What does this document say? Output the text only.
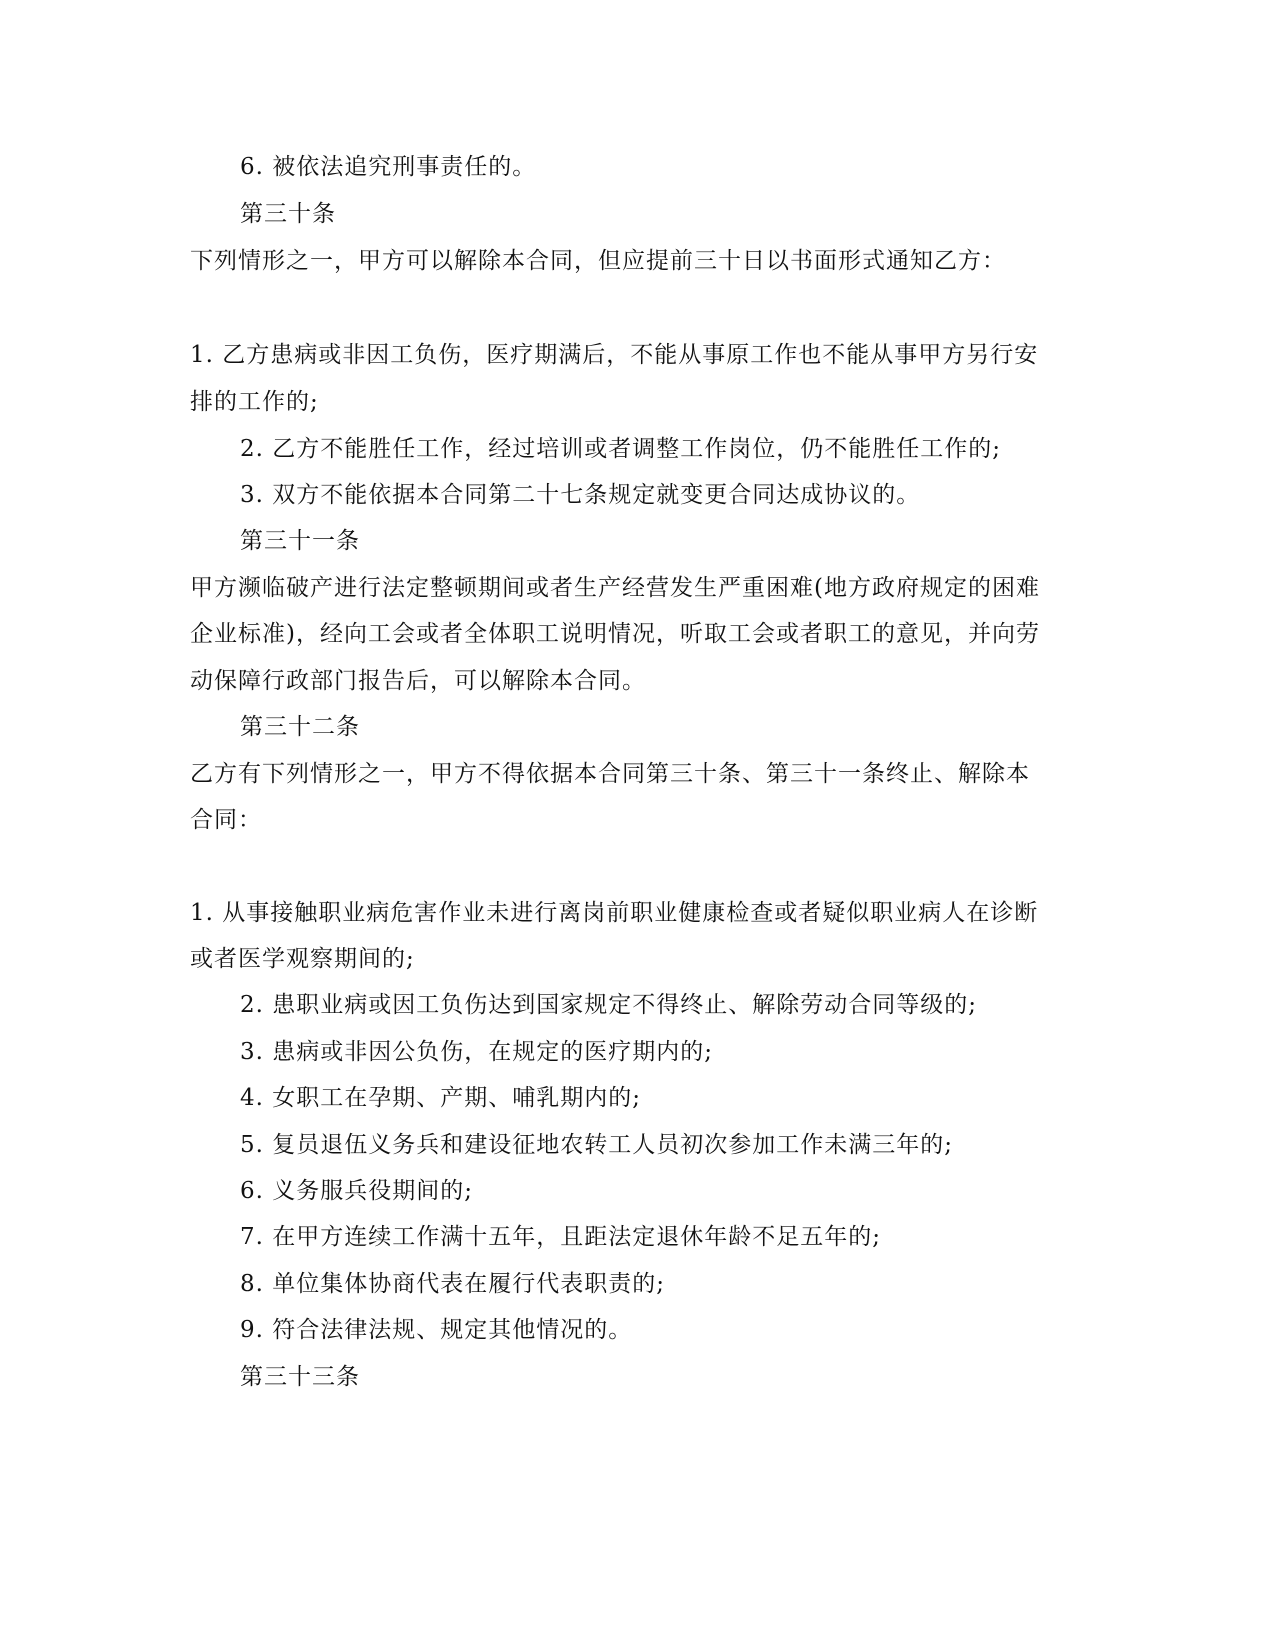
6. 被依法追究刑事责任的。
第三十条
下列情形之一，甲方可以解除本合同，但应提前三十日以书面形式通知乙方：
1. 乙方患病或非因工负伤，医疗期满后，不能从事原工作也不能从事甲方另行安
排的工作的;
2. 乙方不能胜任工作，经过培训或者调整工作岗位，仍不能胜任工作的;
3. 双方不能依据本合同第二十七条规定就变更合同达成协议的。
第三十一条
甲方濒临破产进行法定整顿期间或者生产经营发生严重困难(地方政府规定的困难
企业标准)，经向工会或者全体职工说明情况，听取工会或者职工的意见，并向劳
动保障行政部门报告后，可以解除本合同。
第三十二条
乙方有下列情形之一，甲方不得依据本合同第三十条、第三十一条终止、解除本
合同：
1. 从事接触职业病危害作业未进行离岗前职业健康检查或者疑似职业病人在诊断
或者医学观察期间的;
2. 患职业病或因工负伤达到国家规定不得终止、解除劳动合同等级的;
3. 患病或非因公负伤，在规定的医疗期内的;
4. 女职工在孕期、产期、哺乳期内的;
5. 复员退伍义务兵和建设征地农转工人员初次参加工作未满三年的;
6. 义务服兵役期间的;
7. 在甲方连续工作满十五年，且距法定退休年龄不足五年的;
8. 单位集体协商代表在履行代表职责的;
9. 符合法律法规、规定其他情况的。
第三十三条
